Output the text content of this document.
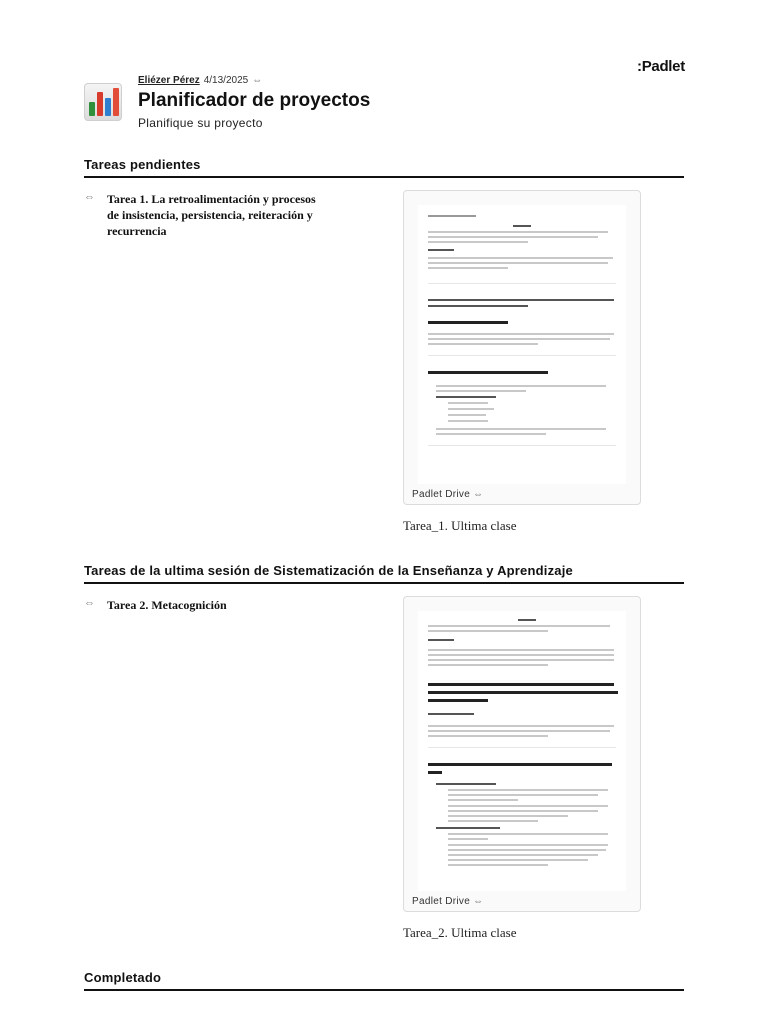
:Padlet
Eliézer Pérez 4/13/2025 ⇔
Planificador de proyectos
Planifique su proyecto
Tareas pendientes
⇔ Tarea 1. La retroalimentación y procesos de insistencia, persistencia, reiteración y recurrencia
Padlet Drive ⇔
Tarea_1. Ultima clase
Tareas de la ultima sesión de Sistematización de la Enseñanza y Aprendizaje
⇔ Tarea 2. Metacognición
Padlet Drive ⇔
Tarea_2. Ultima clase
Completado
